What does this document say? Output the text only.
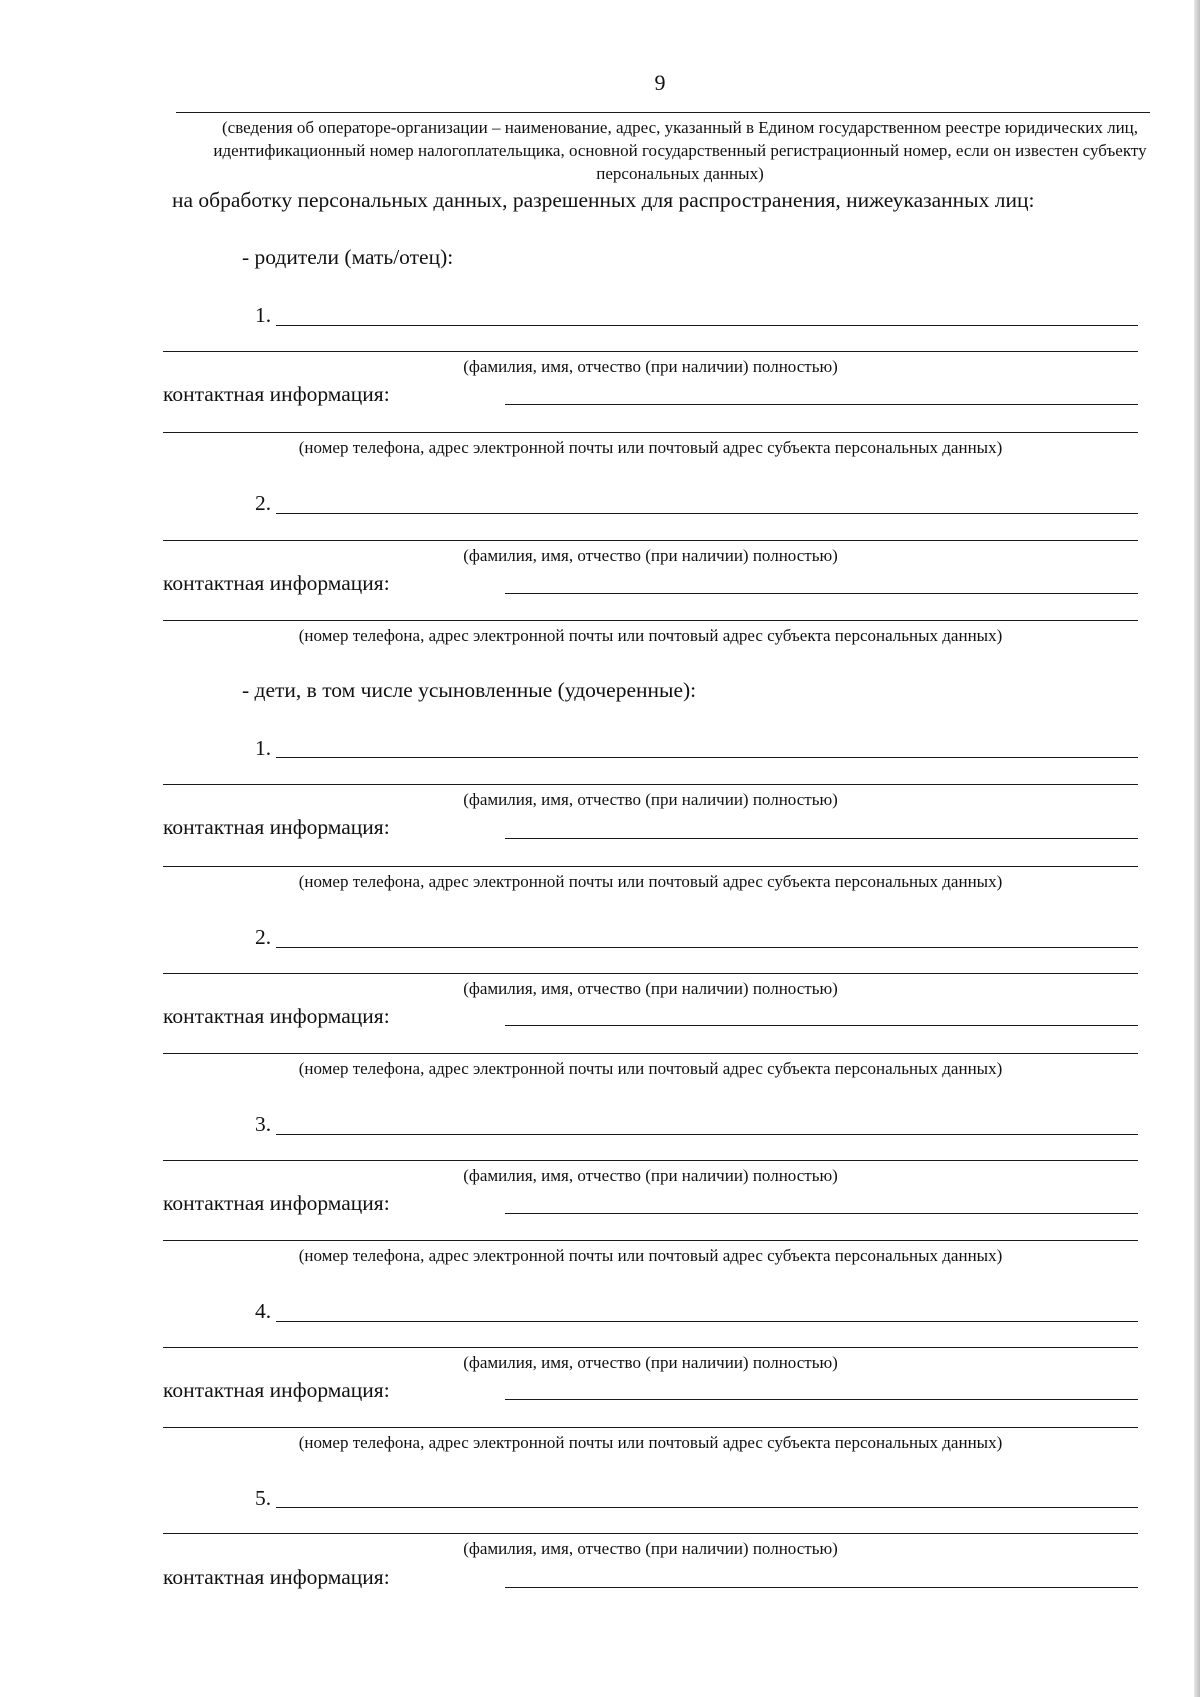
9
(сведения об операторе-организации – наименование, адрес, указанный в Едином государственном реестре юридических лиц, идентификационный номер налогоплательщика, основной государственный регистрационный номер, если он известен субъекту персональных данных)
на обработку персональных данных, разрешенных для распространения, нижеуказанных лиц:
- родители (мать/отец):
1.
(фамилия, имя, отчество (при наличии) полностью)
контактная информация:
(номер телефона, адрес электронной почты или почтовый адрес субъекта персональных данных)
2.
(фамилия, имя, отчество (при наличии) полностью)
контактная информация:
(номер телефона, адрес электронной почты или почтовый адрес субъекта персональных данных)
- дети, в том числе усыновленные (удочеренные):
1.
(фамилия, имя, отчество (при наличии) полностью)
контактная информация:
(номер телефона, адрес электронной почты или почтовый адрес субъекта персональных данных)
2.
(фамилия, имя, отчество (при наличии) полностью)
контактная информация:
(номер телефона, адрес электронной почты или почтовый адрес субъекта персональных данных)
3.
(фамилия, имя, отчество (при наличии) полностью)
контактная информация:
(номер телефона, адрес электронной почты или почтовый адрес субъекта персональных данных)
4.
(фамилия, имя, отчество (при наличии) полностью)
контактная информация:
(номер телефона, адрес электронной почты или почтовый адрес субъекта персональных данных)
5.
(фамилия, имя, отчество (при наличии) полностью)
контактная информация:
